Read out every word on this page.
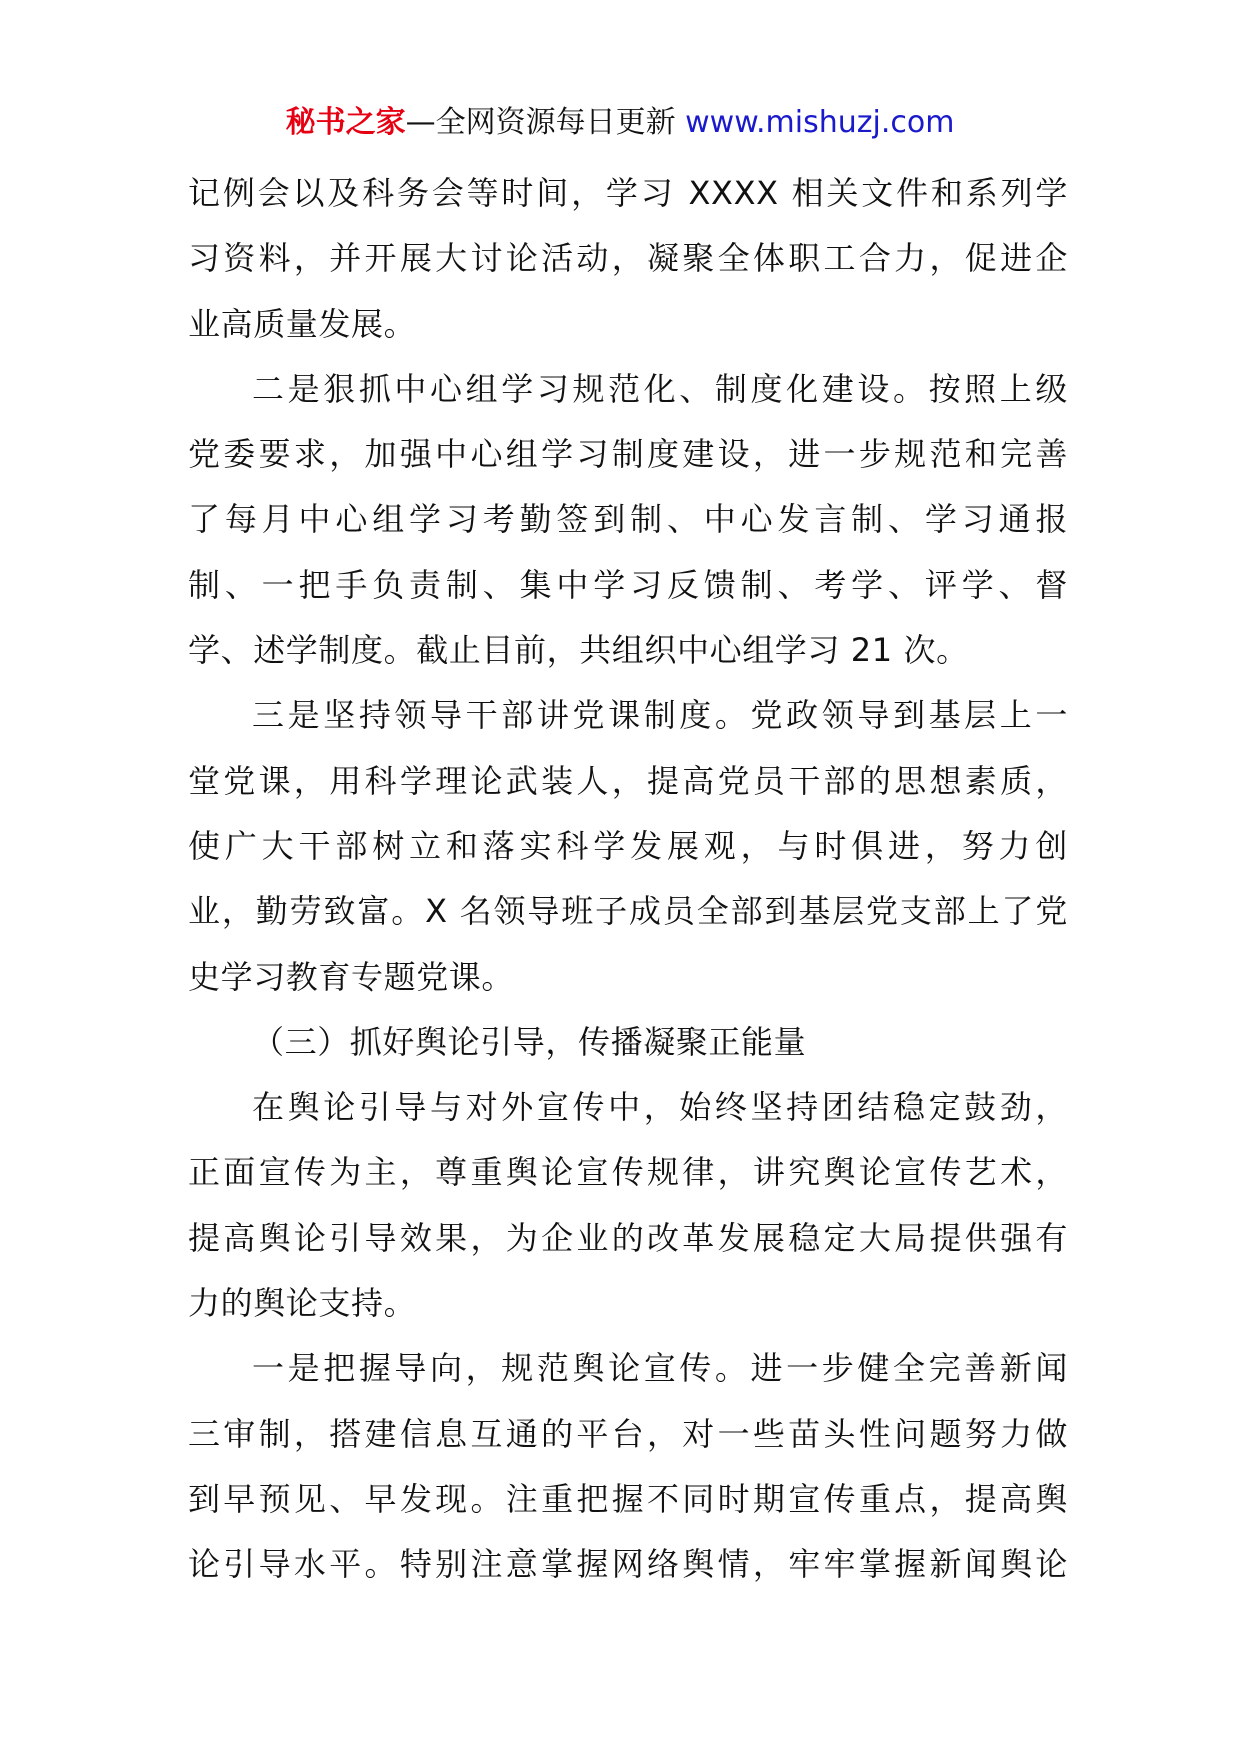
秘书之家—全网资源每日更新 www.mishuzj.com
记例会以及科务会等时间，学习 XXXX 相关文件和系列学
习资料，并开展大讨论活动，凝聚全体职工合力，促进企
业高质量发展。
二是狠抓中心组学习规范化、制度化建设。按照上级
党委要求，加强中心组学习制度建设，进一步规范和完善
了每月中心组学习考勤签到制、中心发言制、学习通报
制、一把手负责制、集中学习反馈制、考学、评学、督
学、述学制度。截止目前，共组织中心组学习 21 次。
三是坚持领导干部讲党课制度。党政领导到基层上一
堂党课，用科学理论武装人，提高党员干部的思想素质，
使广大干部树立和落实科学发展观，与时俱进，努力创
业，勤劳致富。X 名领导班子成员全部到基层党支部上了党
史学习教育专题党课。
（三）抓好舆论引导，传播凝聚正能量
在舆论引导与对外宣传中，始终坚持团结稳定鼓劲，
正面宣传为主，尊重舆论宣传规律，讲究舆论宣传艺术，
提高舆论引导效果，为企业的改革发展稳定大局提供强有
力的舆论支持。
一是把握导向，规范舆论宣传。进一步健全完善新闻
三审制，搭建信息互通的平台，对一些苗头性问题努力做
到早预见、早发现。注重把握不同时期宣传重点，提高舆
论引导水平。特别注意掌握网络舆情，牢牢掌握新闻舆论
